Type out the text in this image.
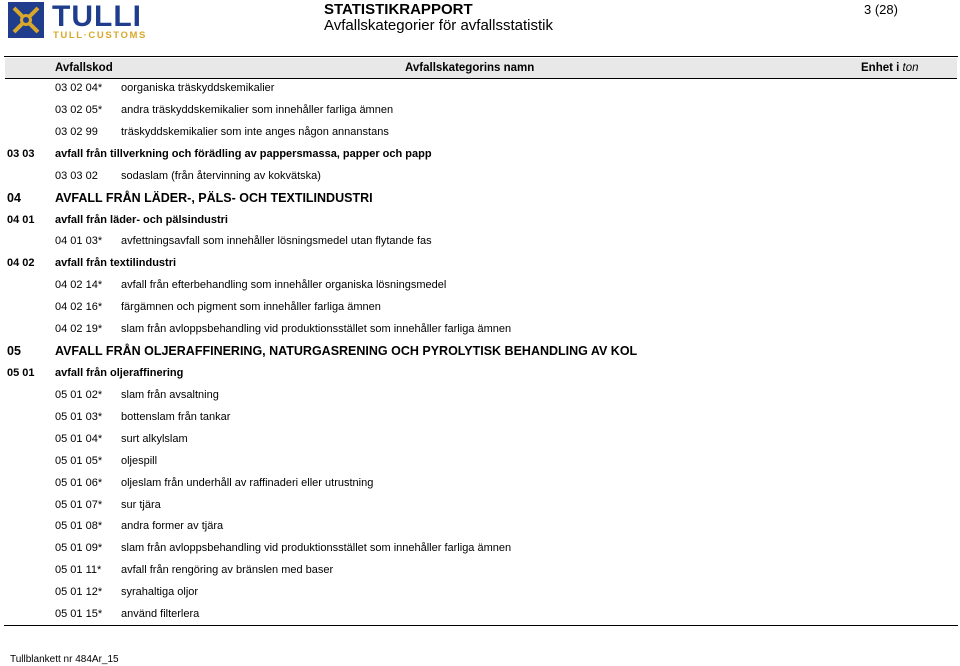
TULLI
TULL·CUSTOMS
STATISTIKRAPPORT
Avfallskategorier för avfallsstatistik
3 (28)
Avfallskod	Avfallskategorins namn	Enhet i ton
03 02 04* oorganiska träskyddskemikalier
03 02 05* andra träskyddskemikalier som innehåller farliga ämnen
03 02 99 träskyddskemikalier som inte anges någon annanstans
03 03 avfall från tillverkning och förädling av pappersmassa, papper och papp
03 03 02 sodaslam (från återvinning av kokvätska)
04	AVFALL FRÅN LÄDER-, PÄLS- OCH TEXTILINDUSTRI
04 01 avfall från läder- och pälsindustri
04 01 03* avfettningsavfall som innehåller lösningsmedel utan flytande fas
04 02 avfall från textilindustri
04 02 14* avfall från efterbehandling som innehåller organiska lösningsmedel
04 02 16* färgämnen och pigment som innehåller farliga ämnen
04 02 19* slam från avloppsbehandling vid produktionsstället som innehåller farliga ämnen
05	AVFALL FRÅN OLJERAFFINERING, NATURGASRENING OCH PYROLYTISK BEHANDLING AV KOL
05 01 avfall från oljeraffinering
05 01 02* slam från avsaltning
05 01 03* bottenslam från tankar
05 01 04* surt alkylslam
05 01 05* oljespill
05 01 06* oljeslam från underhåll av raffinaderi eller utrustning
05 01 07* sur tjära
05 01 08* andra former av tjära
05 01 09* slam från avloppsbehandling vid produktionsstället som innehåller farliga ämnen
05 01 11* avfall från rengöring av bränslen med baser
05 01 12* syrahaltiga oljor
05 01 15* använd filterlera
Tullblankett nr 484Ar_15
